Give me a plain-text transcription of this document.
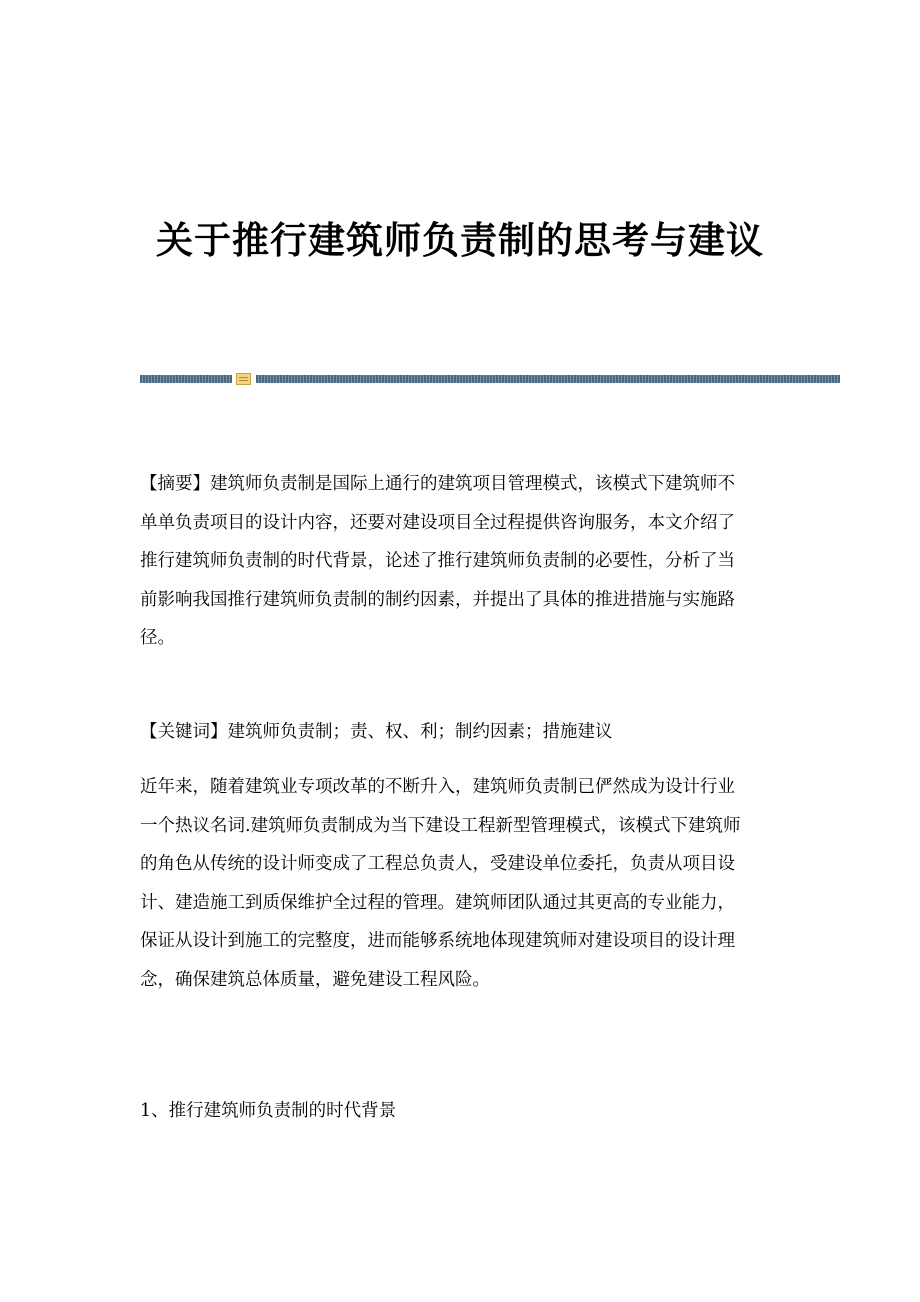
关于推行建筑师负责制的思考与建议
【摘要】建筑师负责制是国际上通行的建筑项目管理模式，该模式下建筑师不
单单负责项目的设计内容，还要对建设项目全过程提供咨询服务，本文介绍了
推行建筑师负责制的时代背景，论述了推行建筑师负责制的必要性，分析了当
前影响我国推行建筑师负责制的制约因素，并提出了具体的推进措施与实施路
径。
【关键词】建筑师负责制；责、权、利；制约因素；措施建议
近年来，随着建筑业专项改革的不断升入，建筑师负责制已俨然成为设计行业
一个热议名词.建筑师负责制成为当下建设工程新型管理模式，该模式下建筑师
的角色从传统的设计师变成了工程总负责人，受建设单位委托，负责从项目设
计、建造施工到质保维护全过程的管理。建筑师团队通过其更高的专业能力，
保证从设计到施工的完整度，进而能够系统地体现建筑师对建设项目的设计理
念，确保建筑总体质量，避免建设工程风险。
1、推行建筑师负责制的时代背景
